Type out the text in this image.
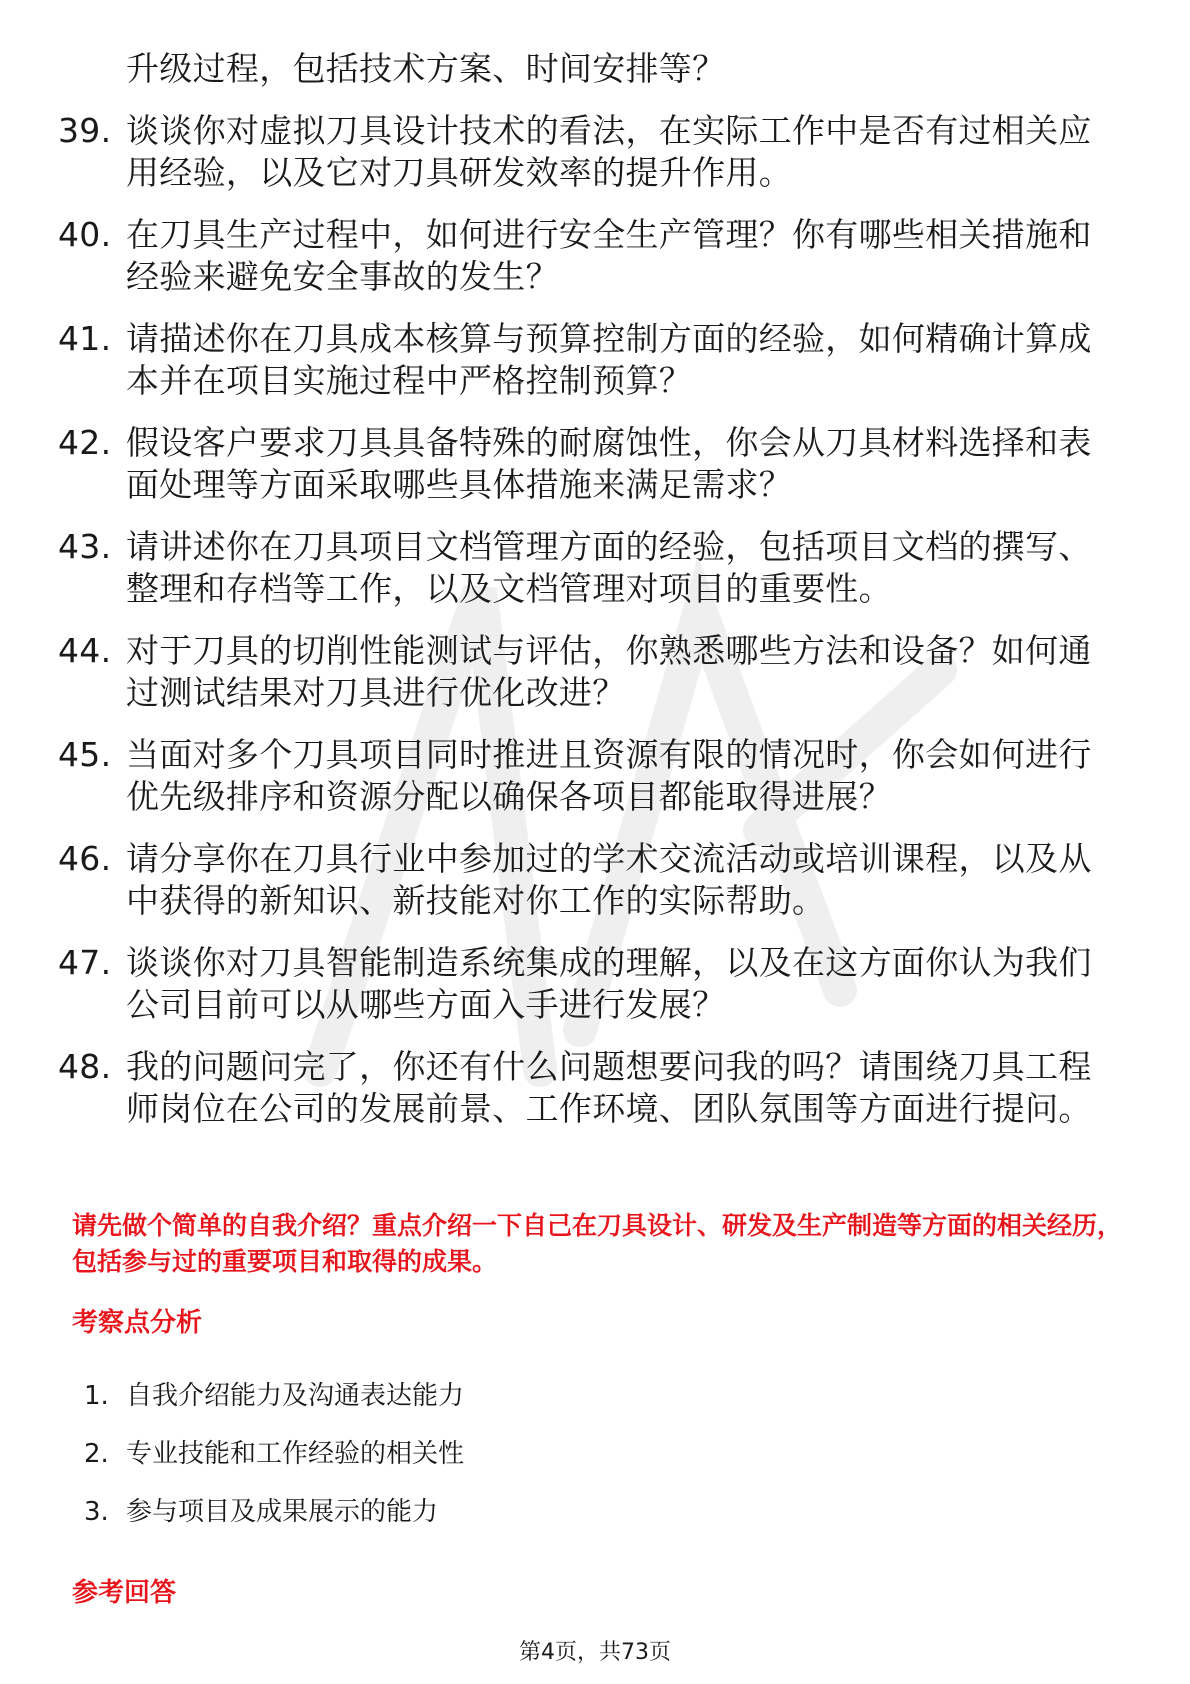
升级过程，包括技术方案、时间安排等？
39. 谈谈你对虚拟刀具设计技术的看法，在实际工作中是否有过相关应用经验，以及它对刀具研发效率的提升作用。
40. 在刀具生产过程中，如何进行安全生产管理？你有哪些相关措施和经验来避免安全事故的发生？
41. 请描述你在刀具成本核算与预算控制方面的经验，如何精确计算成本并在项目实施过程中严格控制预算？
42. 假设客户要求刀具具备特殊的耐腐蚀性，你会从刀具材料选择和表面处理等方面采取哪些具体措施来满足需求？
43. 请讲述你在刀具项目文档管理方面的经验，包括项目文档的撰写、整理和存档等工作，以及文档管理对项目的重要性。
44. 对于刀具的切削性能测试与评估，你熟悉哪些方法和设备？如何通过测试结果对刀具进行优化改进？
45. 当面对多个刀具项目同时推进且资源有限的情况时，你会如何进行优先级排序和资源分配以确保各项目都能取得进展？
46. 请分享你在刀具行业中参加过的学术交流活动或培训课程，以及从中获得的新知识、新技能对你工作的实际帮助。
47. 谈谈你对刀具智能制造系统集成的理解，以及在这方面你认为我们公司目前可以从哪些方面入手进行发展？
48. 我的问题问完了，你还有什么问题想要问我的吗？请围绕刀具工程师岗位在公司的发展前景、工作环境、团队氛围等方面进行提问。

请先做个简单的自我介绍？重点介绍一下自己在刀具设计、研发及生产制造等方面的相关经历，包括参与过的重要项目和取得的成果。

考察点分析
1. 自我介绍能力及沟通表达能力
2. 专业技能和工作经验的相关性
3. 参与项目及成果展示的能力
参考回答
第4页，共73页
